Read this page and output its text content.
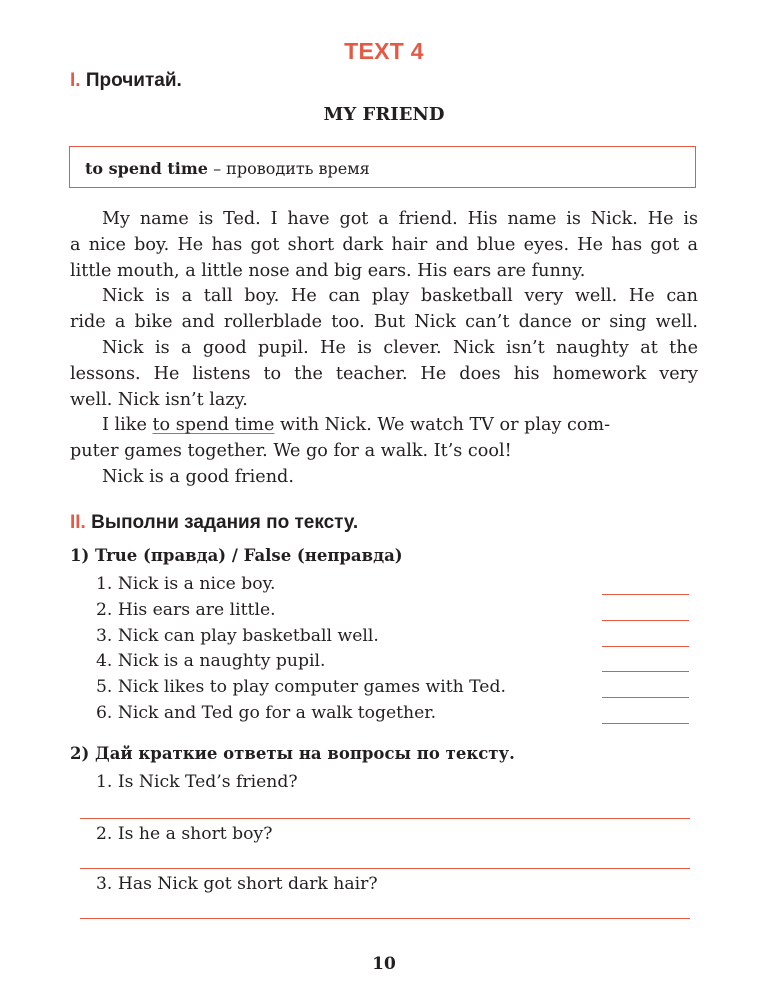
TEXT 4
I. Прочитай.
MY FRIEND
to spend time – проводить время
My name is Ted. I have got a friend. His name is Nick. He is
a nice boy. He has got short dark hair and blue eyes. He has got a
little mouth, a little nose and big ears. His ears are funny.
Nick is a tall boy. He can play basketball very well. He can
ride a bike and rollerblade too. But Nick can’t dance or sing well.
Nick is a good pupil. He is clever. Nick isn’t naughty at the
lessons. He listens to the teacher. He does his homework very
well. Nick isn’t lazy.
I like to spend time with Nick. We watch TV or play com-
puter games together. We go for a walk. It’s cool!
Nick is a good friend.
II. Выполни задания по тексту.
1) True (правда) / False (неправда)
1. Nick is a nice boy.
2. His ears are little.
3. Nick can play basketball well.
4. Nick is a naughty pupil.
5. Nick likes to play computer games with Ted.
6. Nick and Ted go for a walk together.
2) Дай краткие ответы на вопросы по тексту.
1. Is Nick Ted’s friend?
2. Is he a short boy?
3. Has Nick got short dark hair?
10
